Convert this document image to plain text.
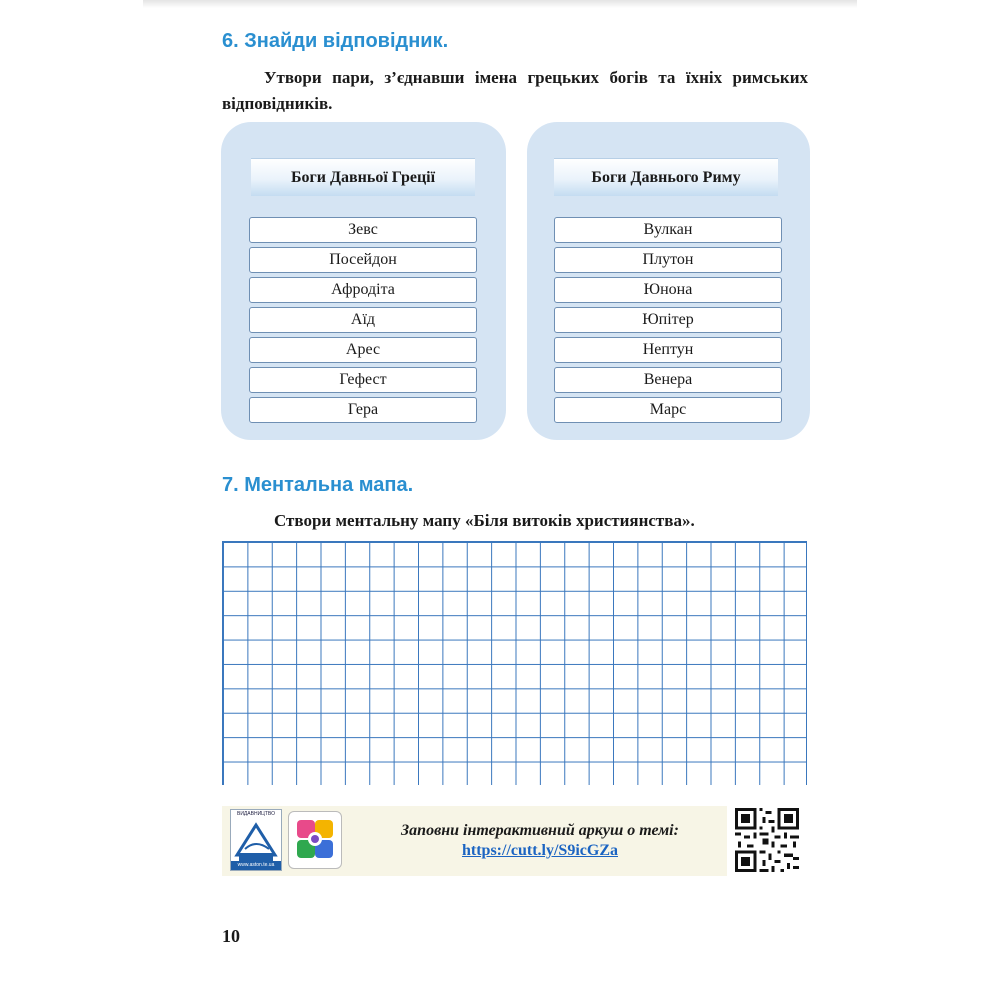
6. Знайди відповідник.

Утвори пари, з’єднавши імена грецьких богів та їхніх римських відповідників.

Боги Давньої Греції
Зевс
Посейдон
Афродіта
Аїд
Арес
Гефест
Гера
Боги Давнього Риму
Вулкан
Плутон
Юнона
Юпітер
Нептун
Венера
Марс
7. Ментальна мапа.

Створи ментальну мапу «Біля витоків християнства».

ВИДАВНИЦТВО
www.aston.te.ua
Заповни інтерактивний аркуш о темі:
https://cutt.ly/S9icGZa
10
